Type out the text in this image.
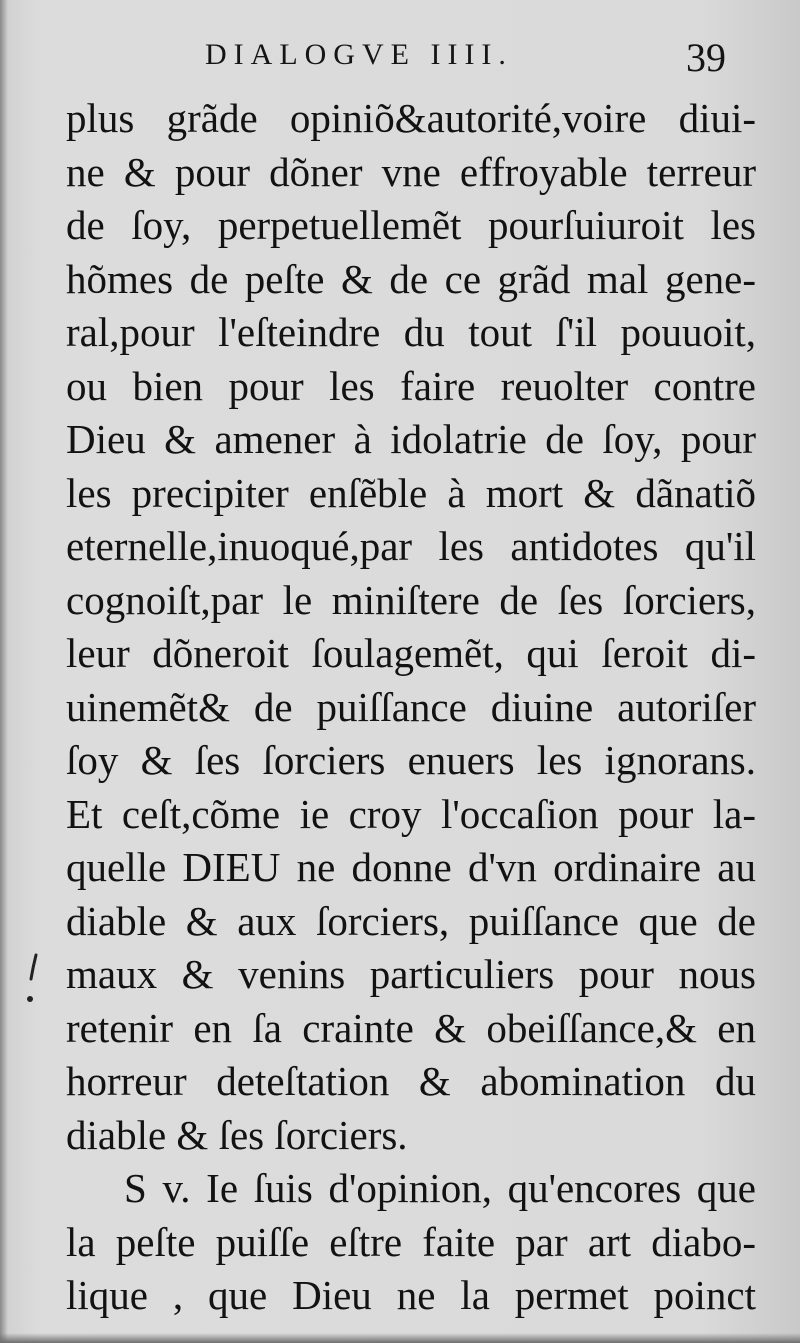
DIALOGVE IIII.	39
plus grãde opiniõ&autorité,voire diui-
ne & pour dõner vne effroyable terreur
de ſoy, perpetuellemẽt pourſuiuroit les
hõmes de peſte & de ce grãd mal gene-
ral,pour l'eſteindre du tout ſ'il pouuoit,
ou bien pour les faire reuolter contre
Dieu & amener à idolatrie de ſoy, pour
les precipiter enſẽble à mort & dãnatiõ
eternelle,inuoqué,par les antidotes qu'il
cognoiſt,par le miniſtere de ſes ſorciers,
leur dõneroit ſoulagemẽt, qui ſeroit di-
uinemẽt& de puiſſance diuine autoriſer
ſoy & ſes ſorciers enuers les ignorans.
Et ceſt,cõme ie croy l'occaſion pour la-
quelle DIEU ne donne d'vn ordinaire au
diable & aux ſorciers, puiſſance que de
maux & venins particuliers pour nous
retenir en ſa crainte & obeiſſance,& en
horreur deteſtation & abomination du
diable & ſes ſorciers.
S v. Ie ſuis d'opinion, qu'encores que
la peſte puiſſe eſtre faite par art diabo-
lique , que Dieu ne la permet poinct
